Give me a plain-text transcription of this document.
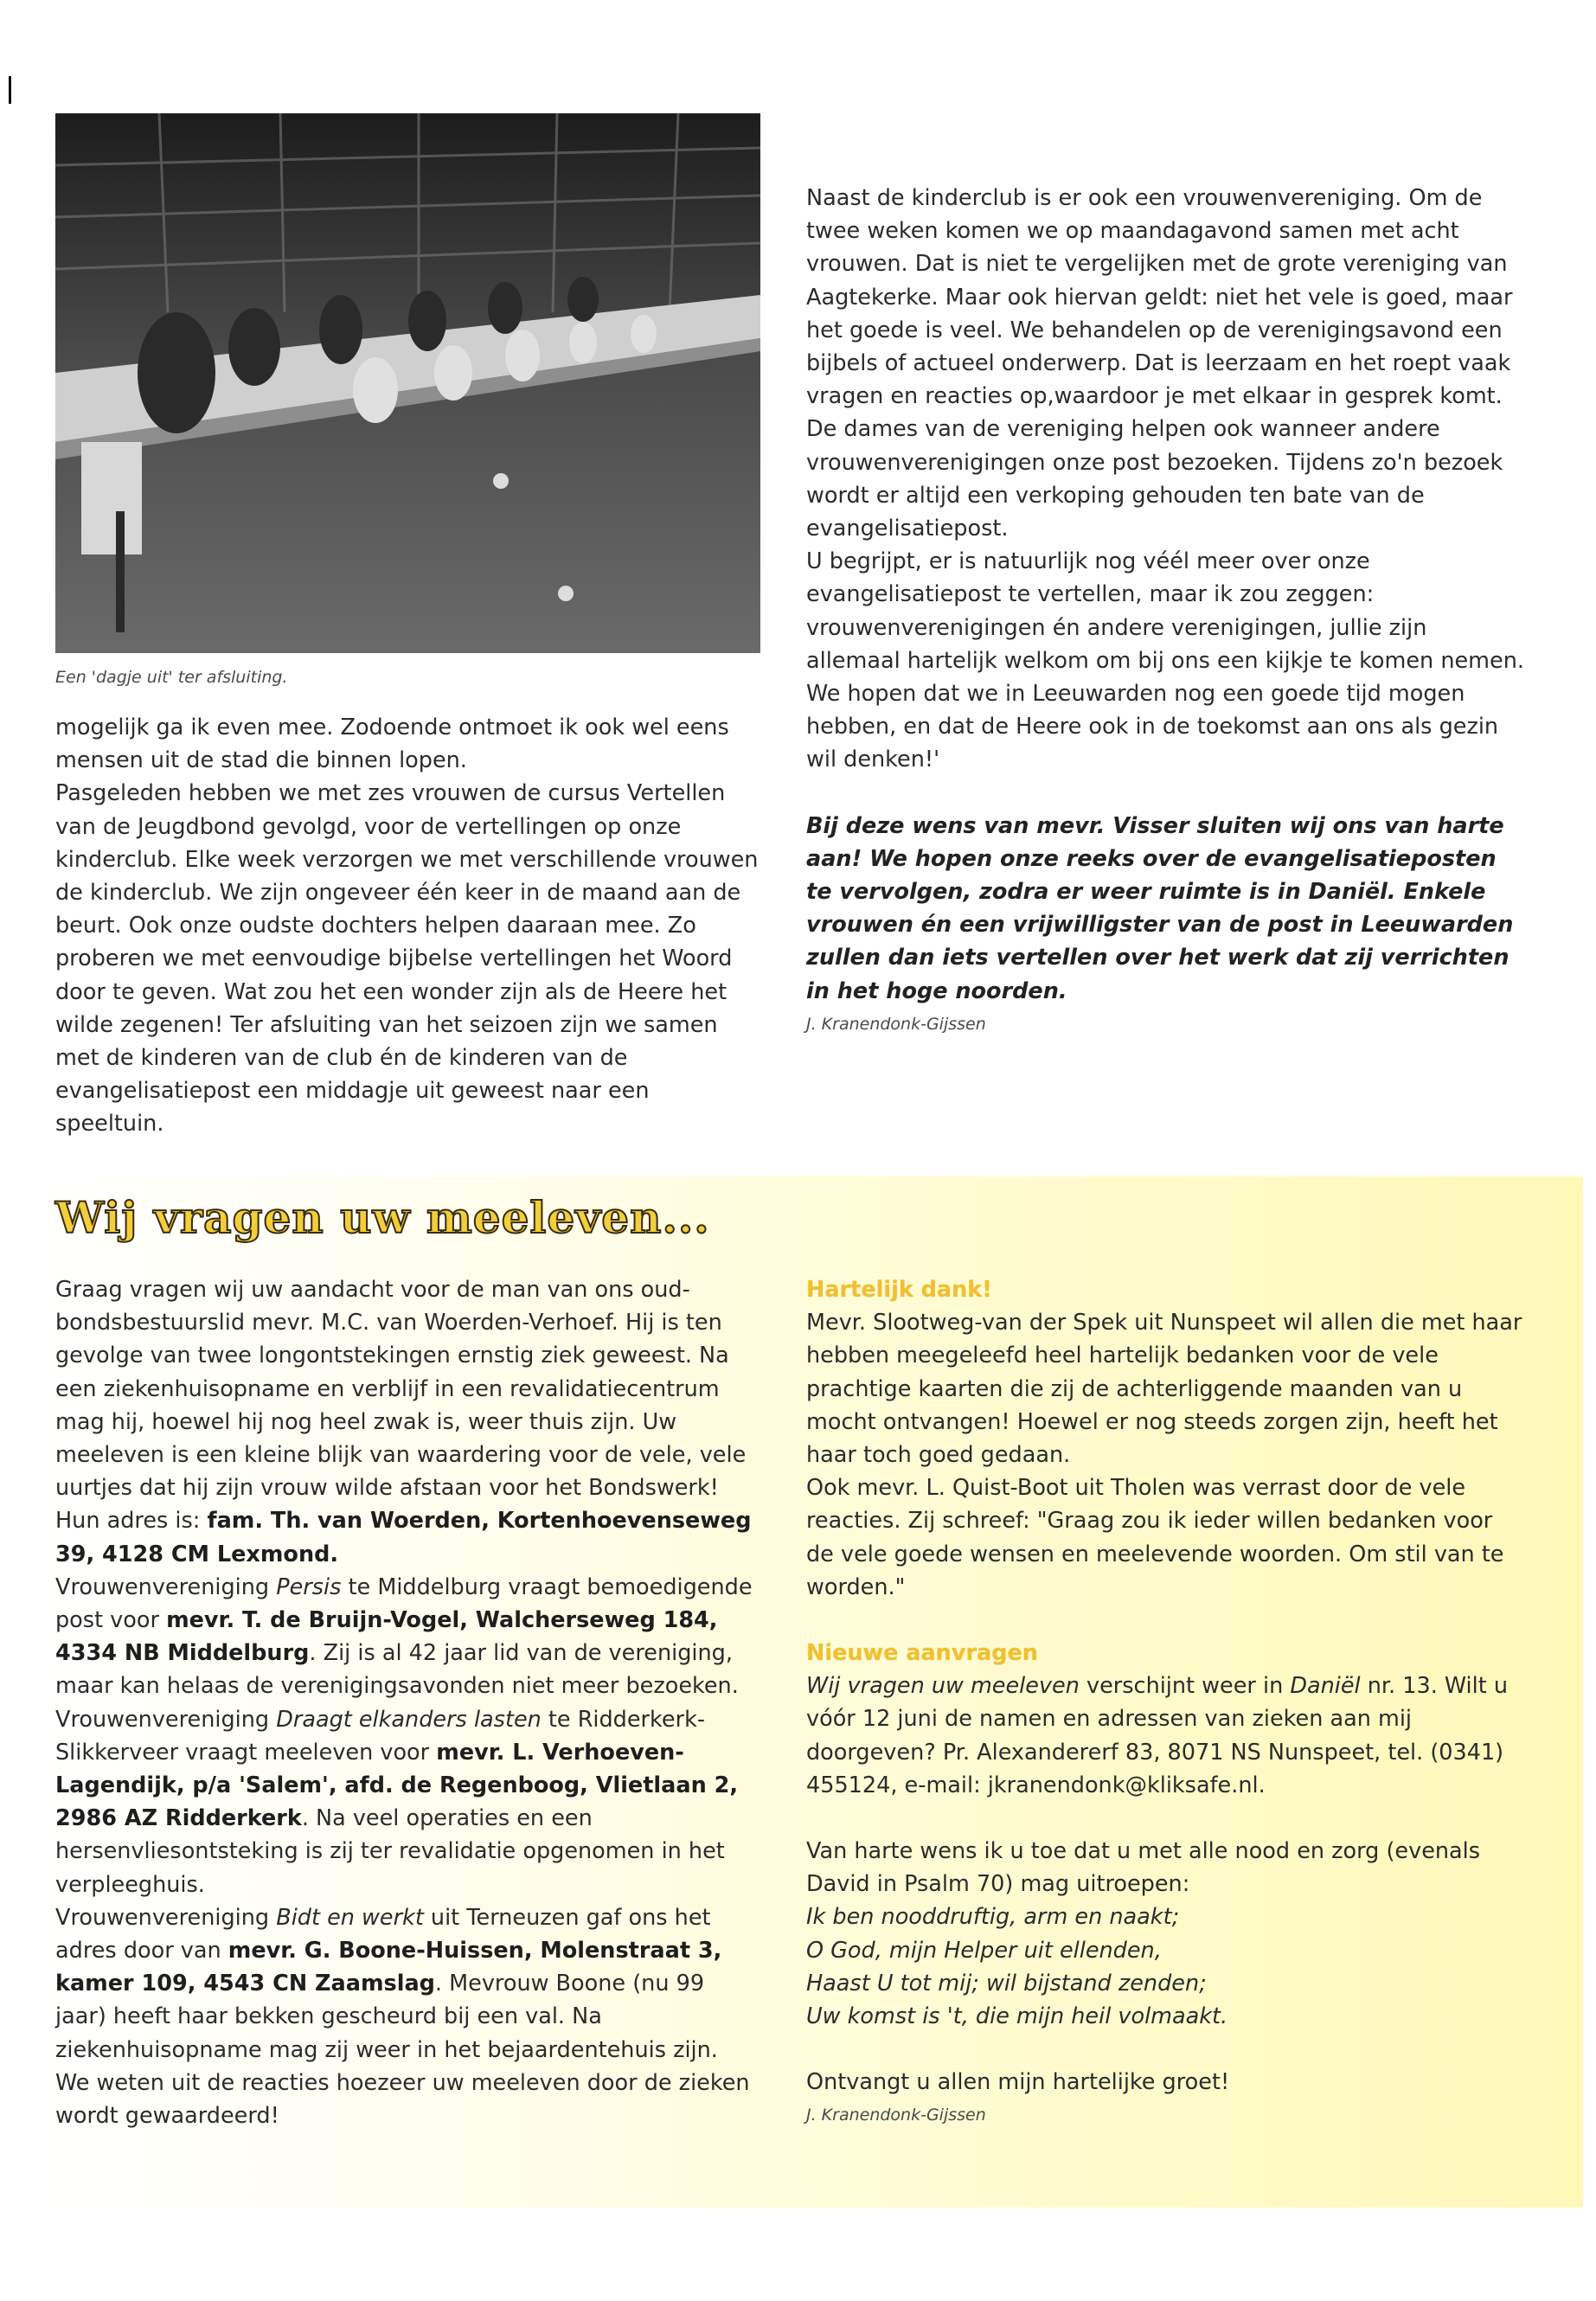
Een 'dagje uit' ter afsluiting.

mogelijk ga ik even mee. Zodoende ontmoet ik ook wel eens mensen uit de stad die binnen lopen.

Pasgeleden hebben we met zes vrouwen de cursus Vertellen van de Jeugdbond gevolgd, voor de vertellingen op onze kinderclub. Elke week verzorgen we met verschillende vrouwen de kinderclub. We zijn ongeveer één keer in de maand aan de beurt. Ook onze oudste dochters helpen daaraan mee. Zo proberen we met eenvoudige bijbelse vertellingen het Woord door te geven. Wat zou het een wonder zijn als de Heere het wilde zegenen! Ter afsluiting van het seizoen zijn we samen met de kinderen van de club én de kinderen van de evangelisatiepost een middagje uit geweest naar een speeltuin.

Naast de kinderclub is er ook een vrouwenvereniging. Om de twee weken komen we op maandagavond samen met acht vrouwen. Dat is niet te vergelijken met de grote vereniging van Aagtekerke. Maar ook hiervan geldt: niet het vele is goed, maar het goede is veel. We behandelen op de verenigingsavond een bijbels of actueel onderwerp. Dat is leerzaam en het roept vaak vragen en reacties op,waardoor je met elkaar in gesprek komt.

De dames van de vereniging helpen ook wanneer andere vrouwenverenigingen onze post bezoeken. Tijdens zo'n bezoek wordt er altijd een verkoping gehouden ten bate van de evangelisatiepost.

U begrijpt, er is natuurlijk nog véél meer over onze evangelisatiepost te vertellen, maar ik zou zeggen: vrouwenverenigingen én andere verenigingen, jullie zijn allemaal hartelijk welkom om bij ons een kijkje te komen nemen. We hopen dat we in Leeuwarden nog een goede tijd mogen hebben, en dat de Heere ook in de toekomst aan ons als gezin wil denken!'

Bij deze wens van mevr. Visser sluiten wij ons van harte aan! We hopen onze reeks over de evangelisatieposten te vervolgen, zodra er weer ruimte is in Daniël. Enkele vrouwen én een vrijwilligster van de post in Leeuwarden zullen dan iets vertellen over het werk dat zij verrichten in het hoge noorden.

J. Kranendonk-Gijssen

Wij vragen uw meeleven...

Graag vragen wij uw aandacht voor de man van ons oud-bondsbestuurslid mevr. M.C. van Woerden-Verhoef. Hij is ten gevolge van twee longontstekingen ernstig ziek geweest. Na een ziekenhuisopname en verblijf in een revalidatiecentrum mag hij, hoewel hij nog heel zwak is, weer thuis zijn. Uw meeleven is een kleine blijk van waardering voor de vele, vele uurtjes dat hij zijn vrouw wilde afstaan voor het Bondswerk! Hun adres is: fam. Th. van Woerden, Kortenhoevenseweg 39, 4128 CM Lexmond.

Vrouwenvereniging Persis te Middelburg vraagt bemoedigende post voor mevr. T. de Bruijn-Vogel, Walcherseweg 184, 4334 NB Middelburg. Zij is al 42 jaar lid van de vereniging, maar kan helaas de verenigingsavonden niet meer bezoeken.

Vrouwenvereniging Draagt elkanders lasten te Ridderkerk-Slikkerveer vraagt meeleven voor mevr. L. Verhoeven-Lagendijk, p/a 'Salem', afd. de Regenboog, Vlietlaan 2, 2986 AZ Ridderkerk. Na veel operaties en een hersenvliesontsteking is zij ter revalidatie opgenomen in het verpleeghuis.

Vrouwenvereniging Bidt en werkt uit Terneuzen gaf ons het adres door van mevr. G. Boone-Huissen, Molenstraat 3, kamer 109, 4543 CN Zaamslag. Mevrouw Boone (nu 99 jaar) heeft haar bekken gescheurd bij een val. Na ziekenhuisopname mag zij weer in het bejaardentehuis zijn.

We weten uit de reacties hoezeer uw meeleven door de zieken wordt gewaardeerd!

Hartelijk dank!

Mevr. Slootweg-van der Spek uit Nunspeet wil allen die met haar hebben meegeleefd heel hartelijk bedanken voor de vele prachtige kaarten die zij de achterliggende maanden van u mocht ontvangen! Hoewel er nog steeds zorgen zijn, heeft het haar toch goed gedaan.

Ook mevr. L. Quist-Boot uit Tholen was verrast door de vele reacties. Zij schreef: "Graag zou ik ieder willen bedanken voor de vele goede wensen en meelevende woorden. Om stil van te worden."

Nieuwe aanvragen

Wij vragen uw meeleven verschijnt weer in Daniël nr. 13. Wilt u vóór 12 juni de namen en adressen van zieken aan mij doorgeven? Pr. Alexandererf 83, 8071 NS Nunspeet, tel. (0341) 455124, e-mail: jkranendonk@kliksafe.nl.

Van harte wens ik u toe dat u met alle nood en zorg (evenals David in Psalm 70) mag uitroepen:

Ik ben nooddruftig, arm en naakt;

O God, mijn Helper uit ellenden,

Haast U tot mij; wil bijstand zenden;

Uw komst is 't, die mijn heil volmaakt.

Ontvangt u allen mijn hartelijke groet!

J. Kranendonk-Gijssen
